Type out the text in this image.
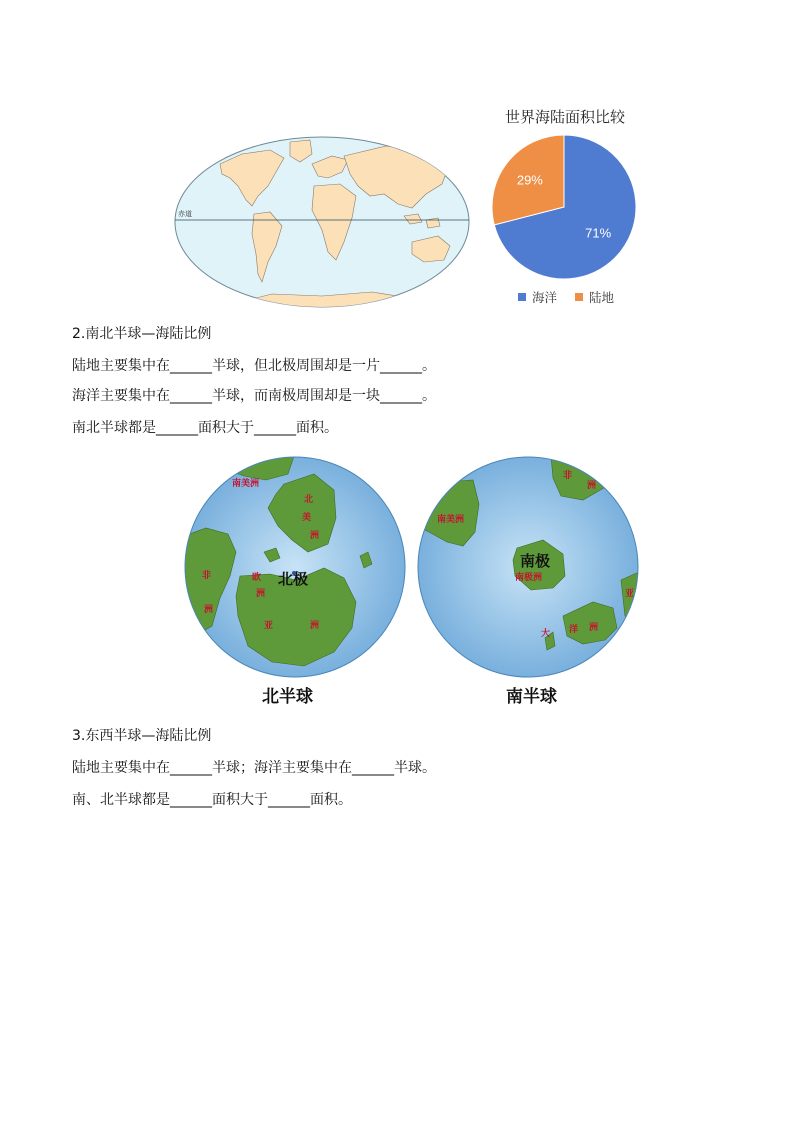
赤道
世界海陆面积比较
71%
29%
海洋	陆地
2.南北半球—海陆比例
陆地主要集中在______半球，但北极周围却是一片______。
海洋主要集中在______半球，而南极周围却是一块______。
南北半球都是______面积大于______面积。
北极
南美洲
北
美
洲
非
洲
欧
洲
亚	洲
北半球
南极
南美洲
非
洲
南极洲
大 洋 洲
亚
南半球
3.东西半球—海陆比例
陆地主要集中在______半球；海洋主要集中在______半球。
南、北半球都是______面积大于______面积。
